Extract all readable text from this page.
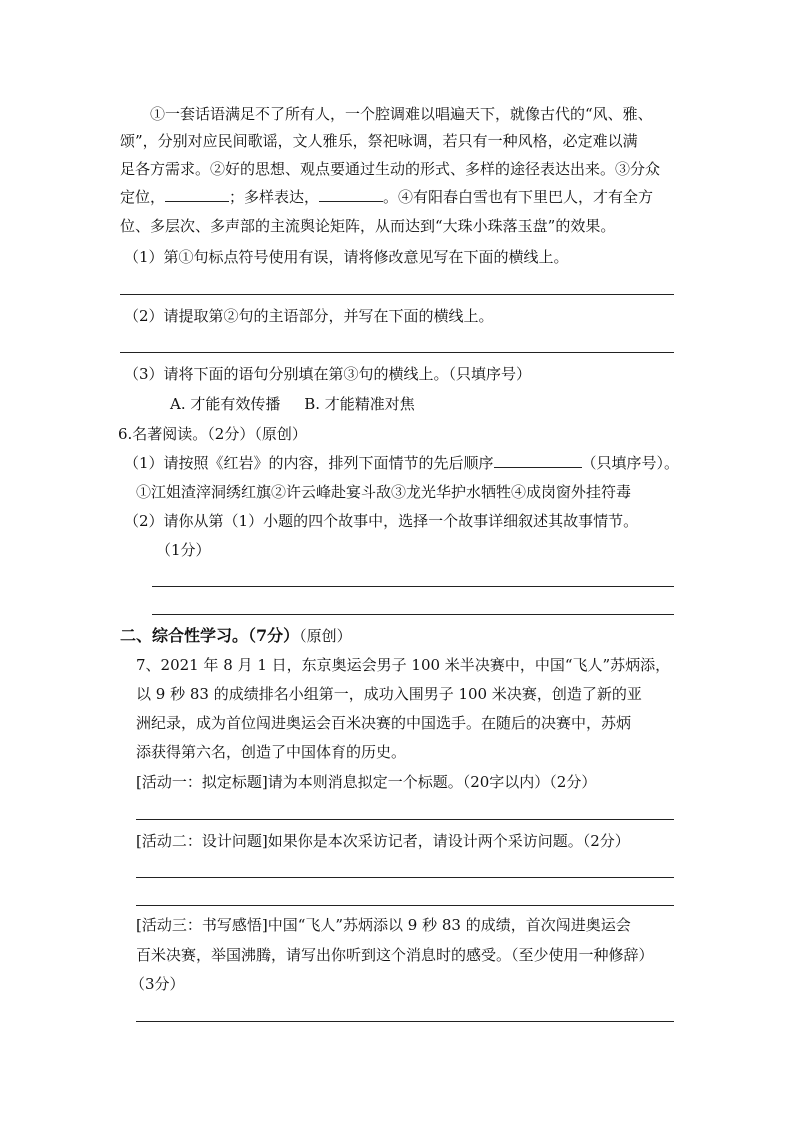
①一套话语满足不了所有人，一个腔调难以唱遍天下，就像古代的“风、雅、
颂”，分别对应民间歌谣，文人雅乐，祭祀咏调，若只有一种风格，必定难以满
足各方需求。②好的思想、观点要通过生动的形式、多样的途径表达出来。③分众
定位，	；多样表达，	。④有阳春白雪也有下里巴人，才有全方
位、多层次、多声部的主流舆论矩阵，从而达到“大珠小珠落玉盘”的效果。
（1）第①句标点符号使用有误，请将修改意见写在下面的横线上。
（2）请提取第②句的主语部分，并写在下面的横线上。
（3）请将下面的语句分别填在第③句的横线上。（只填序号）
A. 才能有效传播     B. 才能精准对焦
6.名著阅读。（2分）（原创）
（1）请按照《红岩》的内容，排列下面情节的先后顺序	（只填序号）。
①江姐渣滓洞绣红旗②许云峰赴宴斗敌③龙光华护水牺牲④成岗窗外挂符毒
（2）请你从第（1）小题的四个故事中，选择一个故事详细叙述其故事情节。
（1分）
二、综合性学习。（7分）（原创）
7、2021 年 8 月 1 日，东京奥运会男子 100 米半决赛中，中国“飞人”苏炳添，
以 9 秒 83 的成绩排名小组第一，成功入围男子 100 米决赛，创造了新的亚
洲纪录，成为首位闯进奥运会百米决赛的中国选手。在随后的决赛中，苏炳
添获得第六名，创造了中国体育的历史。
[活动一：拟定标题]请为本则消息拟定一个标题。（20字以内）（2分）
[活动二：设计问题]如果你是本次采访记者，请设计两个采访问题。（2分）
[活动三：书写感悟]中国“飞人”苏炳添以 9 秒 83 的成绩，首次闯进奥运会
百米决赛，举国沸腾，请写出你听到这个消息时的感受。（至少使用一种修辞）
（3分）
